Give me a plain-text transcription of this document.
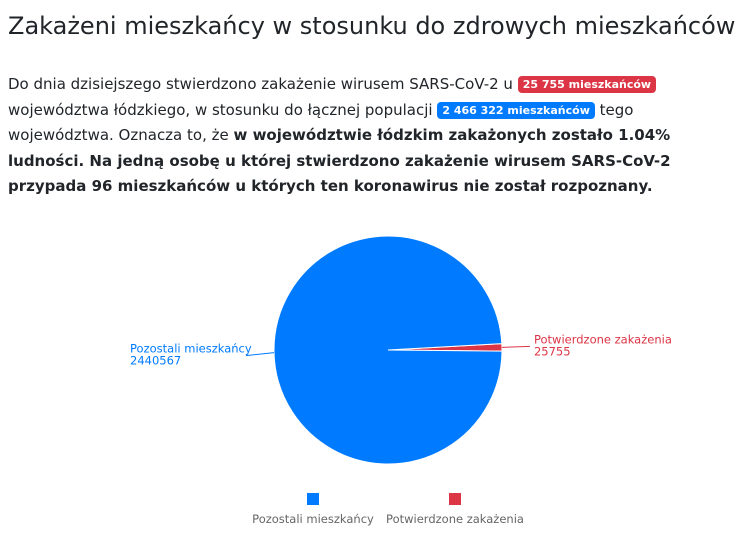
Zakażeni mieszkańcy w stosunku do zdrowych mieszkańców

Do dnia dzisiejszego stwierdzono zakażenie wirusem SARS-CoV-2 u 25 755 mieszkańców województwa łódzkiego, w stosunku do łącznej populacji 2 466 322 mieszkańców tego województwa. Oznacza to, że w województwie łódzkim zakażonych zostało 1.04% ludności. Na jedną osobę u której stwierdzono zakażenie wirusem SARS-CoV-2 przypada 96 mieszkańców u których ten koronawirus nie został rozpoznany.

Potwierdzone zakażenia
25755
Pozostali mieszkańcy
2440567
Pozostali mieszkańcy Potwierdzone zakażenia
